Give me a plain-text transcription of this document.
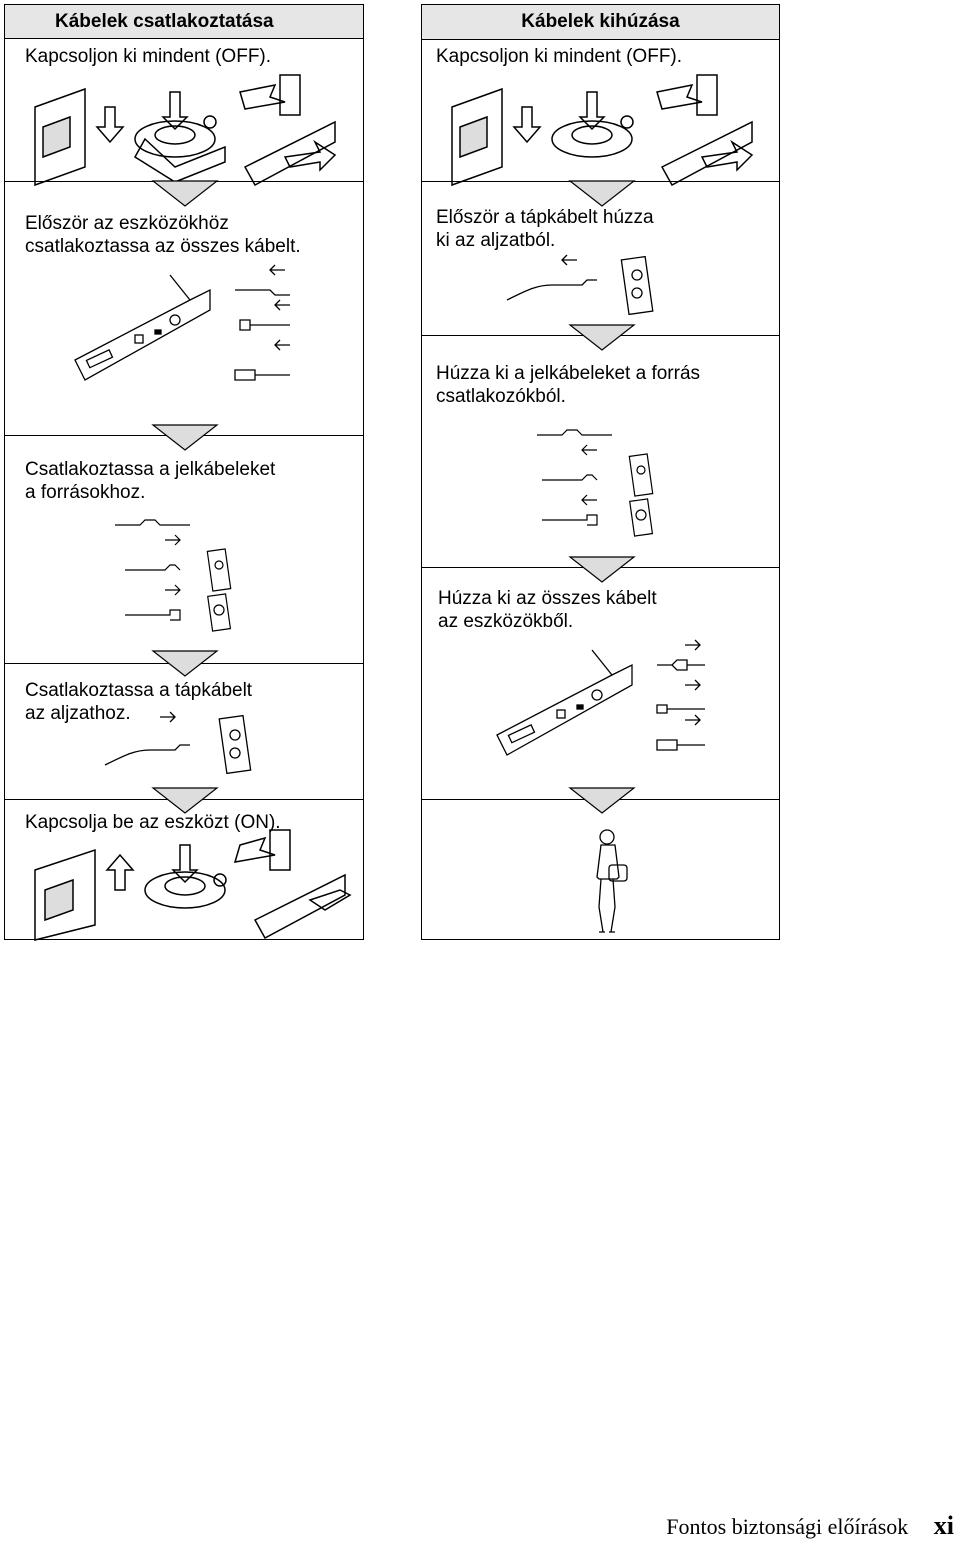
Kábelek csatlakoztatása
Kapcsoljon ki mindent (OFF).
Először az eszközökhöz
csatlakoztassa az összes kábelt.
Csatlakoztassa a jelkábeleket
a forrásokhoz.
Csatlakoztassa a tápkábelt
az aljzathoz.
Kapcsolja be az eszközt (ON).
Kábelek kihúzása
Kapcsoljon ki mindent (OFF).
Először a tápkábelt húzza
ki az aljzatból.
Húzza ki a jelkábeleket a forrás
csatlakozókból.
Húzza ki az összes kábelt
az eszközökből.
Fontos biztonsági előírások xi
